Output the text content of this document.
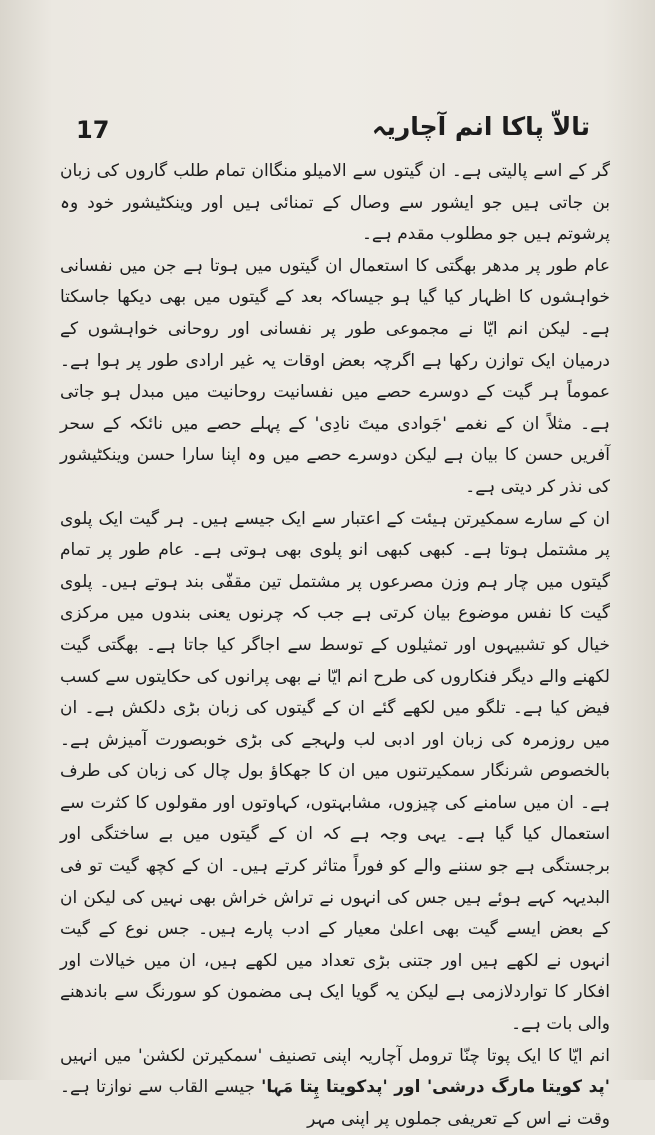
17	تالاّ پاکا انم آچاریہ

گر کے اسے پالیتی ہے۔ ان گیتوں سے الامیلو منگاان تمام طلب گاروں کی زبان بن جاتی ہیں جو ایشور سے وصال کے تمنائی ہیں اور وینکٹیشور خود وہ پرشوتم ہیں جو مطلوب مقدم ہے۔

عام طور پر مدھر بھگتی کا استعمال ان گیتوں میں ہوتا ہے جن میں نفسانی خواہشوں کا اظہار کیا گیا ہو جیساکہ بعد کے گیتوں میں بھی دیکھا جاسکتا ہے۔ لیکن انم ایّا نے مجموعی طور پر نفسانی اور روحانی خواہشوں کے درمیان ایک توازن رکھا ہے اگرچہ بعض اوقات یہ غیر ارادی طور پر ہوا ہے۔ عموماً ہر گیت کے دوسرے حصے میں نفسانیت روحانیت میں مبدل ہو جاتی ہے۔ مثلاً ان کے نغمے 'جَوادی میتَ نادِی' کے پہلے حصے میں نائکہ کے سحر آفریں حسن کا بیان ہے لیکن دوسرے حصے میں وہ اپنا سارا حسن وینکٹیشور کی نذر کر دیتی ہے۔

ان کے سارے سمکیرتن ہیئت کے اعتبار سے ایک جیسے ہیں۔ ہر گیت ایک پلوی پر مشتمل ہوتا ہے۔ کبھی کبھی انو پلوی بھی ہوتی ہے۔ عام طور پر تمام گیتوں میں چار ہم وزن مصرعوں پر مشتمل تین مقفّی بند ہوتے ہیں۔ پلوی گیت کا نفس موضوع بیان کرتی ہے جب کہ چرنوں یعنی بندوں میں مرکزی خیال کو تشبیہوں اور تمثیلوں کے توسط سے اجاگر کیا جاتا ہے۔ بھگتی گیت لکھنے والے دیگر فنکاروں کی طرح انم ایّا نے بھی پرانوں کی حکایتوں سے کسب فیض کیا ہے۔ تلگو میں لکھے گئے ان کے گیتوں کی زبان بڑی دلکش ہے۔ ان میں روزمرہ کی زبان اور ادبی لب ولہجے کی بڑی خوبصورت آمیزش ہے۔ بالخصوص شرنگار سمکیرتنوں میں ان کا جھکاؤ بول چال کی زبان کی طرف ہے۔ ان میں سامنے کی چیزوں، مشابہتوں، کہاوتوں اور مقولوں کا کثرت سے استعمال کیا گیا ہے۔ یہی وجہ ہے کہ ان کے گیتوں میں بے ساختگی اور برجستگی ہے جو سننے والے کو فوراً متاثر کرتے ہیں۔ ان کے کچھ گیت تو فی البدیہہ کہے ہوئے ہیں جس کی انہوں نے تراش خراش بھی نہیں کی لیکن ان کے بعض ایسے گیت بھی اعلیٰ معیار کے ادب پارے ہیں۔ جس نوع کے گیت انہوں نے لکھے ہیں اور جتنی بڑی تعداد میں لکھے ہیں، ان میں خیالات اور افکار کا تواردلازمی ہے لیکن یہ گویا ایک ہی مضمون کو سورنگ سے باندھنے والی بات ہے۔

انم ایّا کا ایک پوتا چنّا ترومل آچاریہ اپنی تصنیف 'سمکیرتن لکشن' میں انہیں 'پد کویتا مارگ درشی' اور 'پدکویتا پِتا مَہا' جیسے القاب سے نوازتا ہے۔ وقت نے اس کے تعریفی جملوں پر اپنی مہر
